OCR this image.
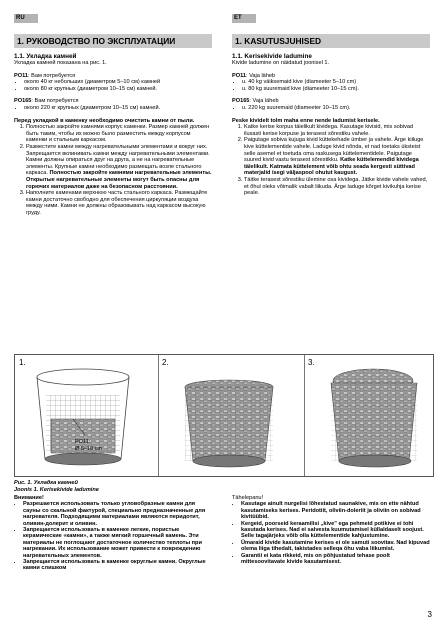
RU	ET
1. РУКОВОДСТВО ПО ЭКСПЛУАТАЦИИ
1.1. Укладка камней

Укладка камней показана на рис. 1.

PO11: Вам потребуется

• около 40 кг небольших (диаметром 5–10 см) камней
• около 80 кг крупных (диаметром 10–15 см) камней.

PO165: Вам потребуется

• около 220 кг крупных (диаметром 10–15 см) камней.

Перед укладкой в каменку необходимо очистить камни от пыли.

1. Полностью закройте камнями корпус каменки. Размер камней должен быть таким, чтобы их можно было разместить между корпусом каменки и стальным каркасом.
2. Разместите камни между нагревательными элементами и вокруг них. Запрещается вклинивать камни между нагревательными элементами. Камни должны опираться друг на друга, а не на нагревательные элементы. Крупные камни необходимо размещать возле стального каркаса. Полностью закройте камнями нагревательные элементы. Открытые нагревательные элементы могут быть опасны для горючих материалов даже на безопасном расстоянии.
3. Наполните каменами верхнюю часть стального каркаса. Размещайте камни достаточно свободно для обеспечения циркуляции воздуха между ними. Камни не должны образовывать над каркасом высокую груду.
1. KASUTUSJUHISED
1.1. Kerisekivide ladumine

Kivide ladumine on näidatud joonisel 1.

PO11: Vaja läheb

• u. 40 kg väiksemaid kive (diameeter 5–10 cm)
• u. 80 kg suuremaid kive (diameeter 10–15 cm).

PO165: Vaja läheb

• u. 220 kg suuremaid (diameeter 10–15 cm).

Peske kividelt tolm maha enne nende ladumist kerisele.

1. Katke kerise korpus täielikult kividega. Kasutage kivisid, mis sobivad ilusasti kerise korpuse ja terasest sõrestiku vahele.
2. Paigutage sobiva kujuga kivid küttekehade ümber ja vahele. Ärge kiiluge kive küttelementide vahele. Laduge kivid nõnda, et nad toetaks üksteist selle asemel et toetuda oma raskusega küttelementidele. Paigutage suured kivid vastu terasest sõrestikku. Katke küttelemendid kividega täielikult. Katmata küttelement võib ohtu seada kergesti süttivad materjalid isegi väljaspool ohutut kaugust.
3. Täitke terasest sõrestiku ülemine osa kividega. Jätke kivide vahele vahed, et õhul oleks võimalik vabalt liikuda. Ärge laduge kõrget kivikuhja kerise peale.
1.	2.	3.
PO11:
Ø 5–10 cm
Рис. 1. Укладка камней
Joonis 1. Kerisekivide ladumine
Внимание!
• Разрешается использовать только угловобразные камни для сауны со скальной фактурой, специально предназначенные для нагревателя. Подходящими материалами являются перидотит, оливин-долерит и оливин.
• Запрещается использовать в каменке легкие, пористые керамические «камни», а также мягкий горшечный камень. Эти материалы не поглощают достаточное количество теплоты при нагревании. Их использование может привести к повреждению нагревательных элементов.
• Запрещается использовать в каменке округлые камни. Округлые камни слишком
Tähelepanu!
• Kasutage ainult nurgelisi lõhestatud saunakive, mis on ette nähtud kasutamiseks kerises. Peridotiit, oliviin-doleriit ja oliviin on sobivad kivitüübid.
• Kergeid, poorseid keraamilisi „kive" ega pehmeid potikive ei tohi kasutada kerises. Nad ei salvesta kuumutamisel küllaldaselt soojust. Selle tagajärjeks võib olla küttelementide kahjustumine.
• Ümaraid kivide kasutamine kerises ei ole samuti soovitav. Nad kipuvad olema liiga tihedalt, takistades selleqa õhu vaba liikumist.
• Garantii ei kata rikkeid, mis on põhjustatud tehase poolt mittesoovitavate kivide kasutamisest.
3
